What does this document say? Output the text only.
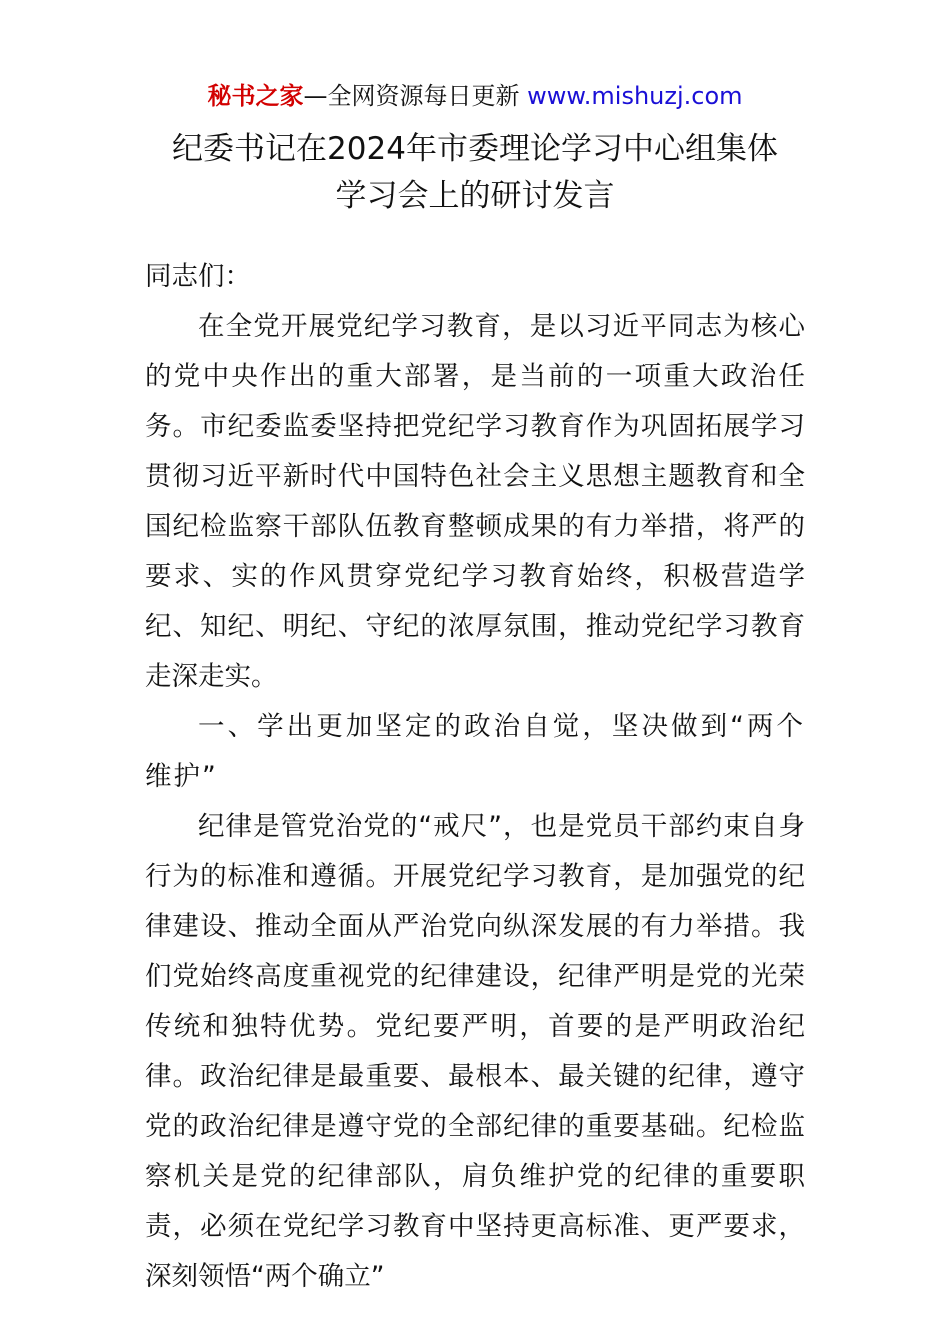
秘书之家—全网资源每日更新 www.mishuzj.com
纪委书记在2024年市委理论学习中心组集体
学习会上的研讨发言

同志们：

在全党开展党纪学习教育，是以习近平同志为核心的党中央作出的重大部署，是当前的一项重大政治任务。市纪委监委坚持把党纪学习教育作为巩固拓展学习贯彻习近平新时代中国特色社会主义思想主题教育和全国纪检监察干部队伍教育整顿成果的有力举措，将严的要求、实的作风贯穿党纪学习教育始终，积极营造学纪、知纪、明纪、守纪的浓厚氛围，推动党纪学习教育走深走实。

一、学出更加坚定的政治自觉，坚决做到“两个维护”

纪律是管党治党的“戒尺”，也是党员干部约束自身行为的标准和遵循。开展党纪学习教育，是加强党的纪律建设、推动全面从严治党向纵深发展的有力举措。我们党始终高度重视党的纪律建设，纪律严明是党的光荣传统和独特优势。党纪要严明，首要的是严明政治纪律。政治纪律是最重要、最根本、最关键的纪律，遵守党的政治纪律是遵守党的全部纪律的重要基础。纪检监察机关是党的纪律部队，肩负维护党的纪律的重要职责，必须在党纪学习教育中坚持更高标准、更严要求，深刻领悟“两个确立”
